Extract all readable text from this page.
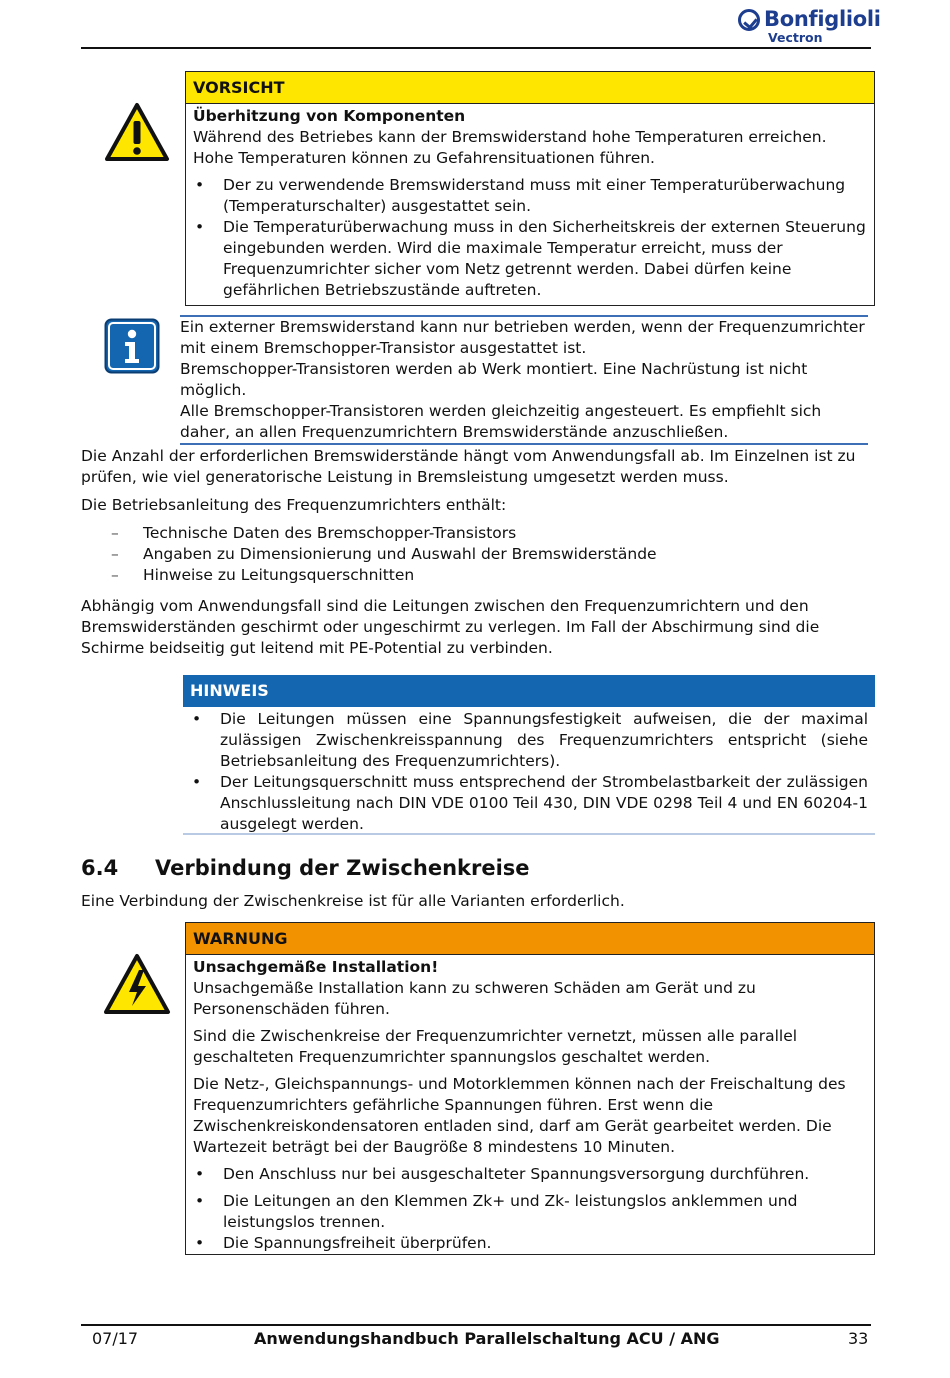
Bonfiglioli
Vectron
VORSICHT

Überhitzung von Komponenten

Während des Betriebes kann der Bremswiderstand hohe Temperaturen erreichen. Hohe Temperaturen können zu Gefahrensituationen führen.

• Der zu verwendende Bremswiderstand muss mit einer Temperaturüberwachung (Temperaturschalter) ausgestattet sein.
• Die Temperaturüberwachung muss in den Sicherheitskreis der externen Steuerung eingebunden werden. Wird die maximale Temperatur erreicht, muss der Frequenzumrichter sicher vom Netz getrennt werden. Dabei dürfen keine gefährlichen Betriebszustände auftreten.

Ein externer Bremswiderstand kann nur betrieben werden, wenn der Frequenzumrichter mit einem Bremschopper-Transistor ausgestattet ist.

Bremschopper-Transistoren werden ab Werk montiert. Eine Nachrüstung ist nicht möglich.

Alle Bremschopper-Transistoren werden gleichzeitig angesteuert. Es empfiehlt sich daher, an allen Frequenzumrichtern Bremswiderstände anzuschließen.

Die Anzahl der erforderlichen Bremswiderstände hängt vom Anwendungsfall ab. Im Einzelnen ist zu prüfen, wie viel generatorische Leistung in Bremsleistung umgesetzt werden muss.

Die Betriebsanleitung des Frequenzumrichters enthält:

– Technische Daten des Bremschopper-Transistors
– Angaben zu Dimensionierung und Auswahl der Bremswiderstände
– Hinweise zu Leitungsquerschnitten

Abhängig vom Anwendungsfall sind die Leitungen zwischen den Frequenzumrichtern und den Bremswiderständen geschirmt oder ungeschirmt zu verlegen. Im Fall der Abschirmung sind die Schirme beidseitig gut leitend mit PE-Potential zu verbinden.

HINWEIS
• Die Leitungen müssen eine Spannungsfestigkeit aufweisen, die der maximal zulässigen Zwischenkreisspannung des Frequenzumrichters entspricht (siehe Betriebsanleitung des Frequenzumrichters).
• Der Leitungsquerschnitt muss entsprechend der Strombelastbarkeit der zulässigen Anschlussleitung nach DIN VDE 0100 Teil 430, DIN VDE 0298 Teil 4 und EN 60204-1 ausgelegt werden.
6.4 Verbindung der Zwischenkreise

Eine Verbindung der Zwischenkreise ist für alle Varianten erforderlich.

WARNUNG

Unsachgemäße Installation!

Unsachgemäße Installation kann zu schweren Schäden am Gerät und zu Personenschäden führen.

Sind die Zwischenkreise der Frequenzumrichter vernetzt, müssen alle parallel geschalteten Frequenzumrichter spannungslos geschaltet werden.

Die Netz-, Gleichspannungs- und Motorklemmen können nach der Freischaltung des Frequenzumrichters gefährliche Spannungen führen. Erst wenn die Zwischenkreiskondensatoren entladen sind, darf am Gerät gearbeitet werden. Die Wartezeit beträgt bei der Baugröße 8 mindestens 10 Minuten.

• Den Anschluss nur bei ausgeschalteter Spannungsversorgung durchführen.
• Die Leitungen an den Klemmen Zk+ und Zk- leistungslos anklemmen und leistungslos trennen.
• Die Spannungsfreiheit überprüfen.
07/17	Anwendungshandbuch Parallelschaltung ACU / ANG	33
